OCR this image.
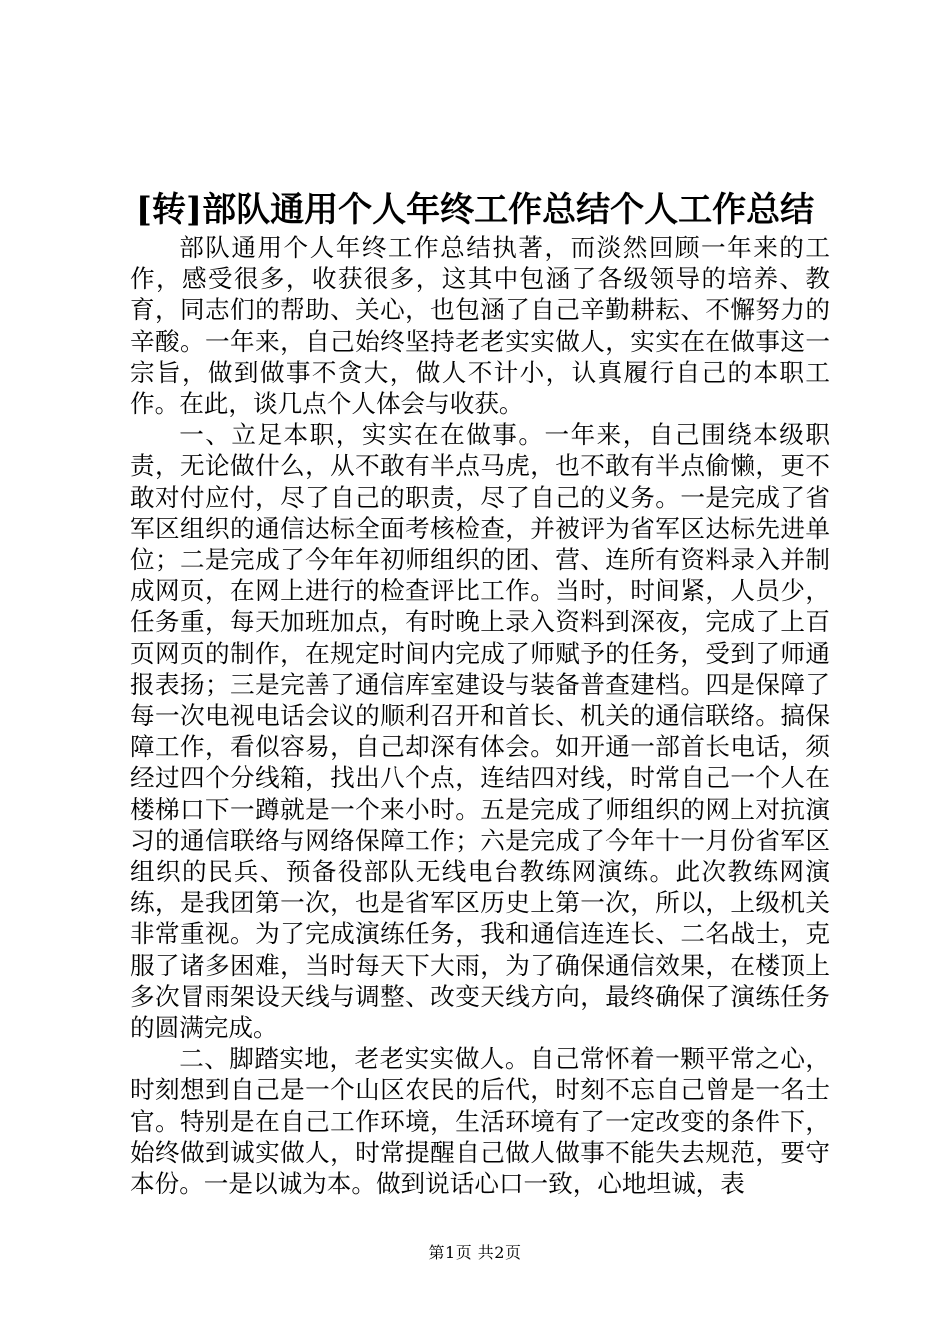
[转]部队通用个人年终工作总结个人工作总结

部队通用个人年终工作总结执著，而淡然回顾一年来的工作，感受很多，收获很多，这其中包涵了各级领导的培养、教育，同志们的帮助、关心，也包涵了自己辛勤耕耘、不懈努力的辛酸。一年来，自己始终坚持老老实实做人，实实在在做事这一宗旨，做到做事不贪大，做人不计小，认真履行自己的本职工作。在此，谈几点个人体会与收获。

一、立足本职，实实在在做事。一年来，自己围绕本级职责，无论做什么，从不敢有半点马虎，也不敢有半点偷懒，更不敢对付应付，尽了自己的职责，尽了自己的义务。一是完成了省军区组织的通信达标全面考核检查，并被评为省军区达标先进单位；二是完成了今年年初师组织的团、营、连所有资料录入并制成网页，在网上进行的检查评比工作。当时，时间紧，人员少，任务重，每天加班加点，有时晚上录入资料到深夜，完成了上百页网页的制作，在规定时间内完成了师赋予的任务，受到了师通报表扬；三是完善了通信库室建设与装备普查建档。四是保障了每一次电视电话会议的顺利召开和首长、机关的通信联络。搞保障工作，看似容易，自己却深有体会。如开通一部首长电话，须经过四个分线箱，找出八个点，连结四对线，时常自己一个人在楼梯口下一蹲就是一个来小时。五是完成了师组织的网上对抗演习的通信联络与网络保障工作；六是完成了今年十一月份省军区组织的民兵、预备役部队无线电台教练网演练。此次教练网演练，是我团第一次，也是省军区历史上第一次，所以，上级机关非常重视。为了完成演练任务，我和通信连连长、二名战士，克服了诸多困难，当时每天下大雨，为了确保通信效果，在楼顶上多次冒雨架设天线与调整、改变天线方向，最终确保了演练任务的圆满完成。

二、脚踏实地，老老实实做人。自己常怀着一颗平常之心，时刻想到自己是一个山区农民的后代，时刻不忘自己曾是一名士官。特别是在自己工作环境，生活环境有了一定改变的条件下，始终做到诚实做人，时常提醒自己做人做事不能失去规范，要守本份。一是以诚为本。做到说话心口一致，心地坦诚，表

第1页 共2页
